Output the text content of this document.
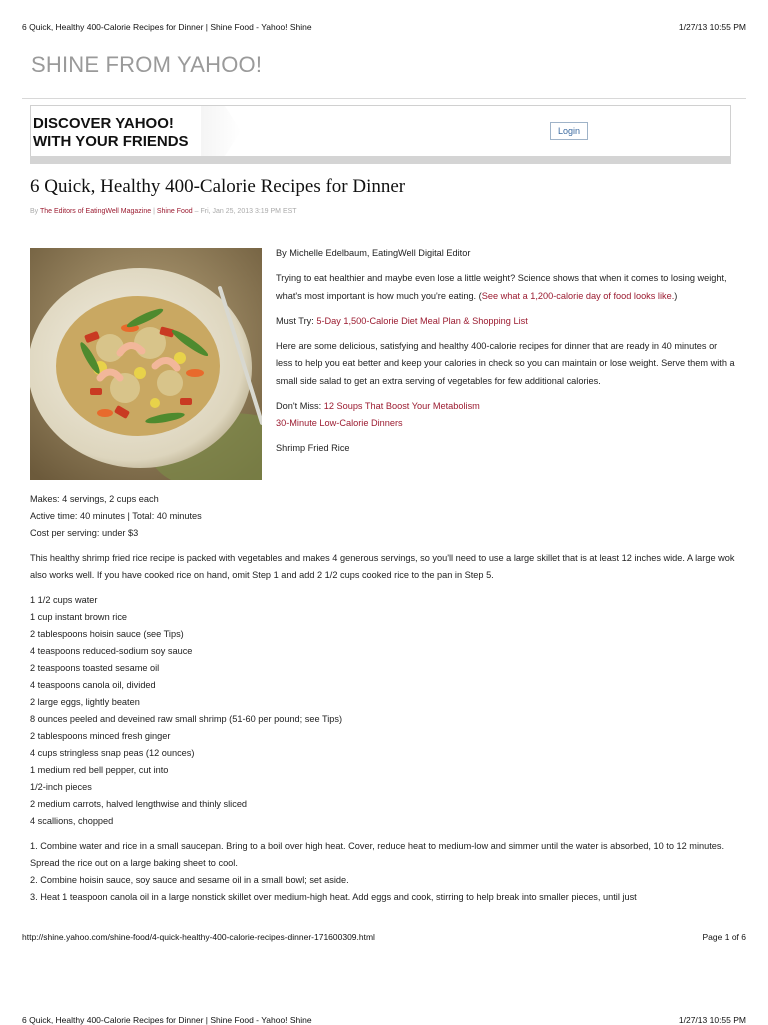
6 Quick, Healthy 400-Calorie Recipes for Dinner | Shine Food - Yahoo! Shine	1/27/13 10:55 PM
SHINE FROM YAHOO!
DISCOVER YAHOO!
WITH YOUR FRIENDS
Login
6 Quick, Healthy 400-Calorie Recipes for Dinner
By The Editors of EatingWell Magazine | Shine Food – Fri, Jan 25, 2013 3:19 PM EST

By Michelle Edelbaum, EatingWell Digital Editor

Trying to eat healthier and maybe even lose a little weight? Science shows that when it comes to losing weight, what's most important is how much you're eating. (See what a 1,200-calorie day of food looks like.)

Must Try: 5-Day 1,500-Calorie Diet Meal Plan & Shopping List

Here are some delicious, satisfying and healthy 400-calorie recipes for dinner that are ready in 40 minutes or less to help you eat better and keep your calories in check so you can maintain or lose weight. Serve them with a small side salad to get an extra serving of vegetables for few additional calories.

Don't Miss: 12 Soups That Boost Your Metabolism
30-Minute Low-Calorie Dinners

Shrimp Fried Rice

Makes: 4 servings, 2 cups each
Active time: 40 minutes | Total: 40 minutes
Cost per serving: under $3

This healthy shrimp fried rice recipe is packed with vegetables and makes 4 generous servings, so you'll need to use a large skillet that is at least 12 inches wide. A large wok also works well. If you have cooked rice on hand, omit Step 1 and add 2 1/2 cups cooked rice to the pan in Step 5.

1 1/2 cups water
1 cup instant brown rice
2 tablespoons hoisin sauce (see Tips)
4 teaspoons reduced-sodium soy sauce
2 teaspoons toasted sesame oil
4 teaspoons canola oil, divided
2 large eggs, lightly beaten
8 ounces peeled and deveined raw small shrimp (51-60 per pound; see Tips)
2 tablespoons minced fresh ginger
4 cups stringless snap peas (12 ounces)
1 medium red bell pepper, cut into
1/2-inch pieces
2 medium carrots, halved lengthwise and thinly sliced
4 scallions, chopped

1. Combine water and rice in a small saucepan. Bring to a boil over high heat. Cover, reduce heat to medium-low and simmer until the water is absorbed, 10 to 12 minutes. Spread the rice out on a large baking sheet to cool.

2. Combine hoisin sauce, soy sauce and sesame oil in a small bowl; set aside.

3. Heat 1 teaspoon canola oil in a large nonstick skillet over medium-high heat. Add eggs and cook, stirring to help break into smaller pieces, until just

http://shine.yahoo.com/shine-food/4-quick-healthy-400-calorie-recipes-dinner-171600309.html	Page 1 of 6
6 Quick, Healthy 400-Calorie Recipes for Dinner | Shine Food - Yahoo! Shine	1/27/13 10:55 PM
